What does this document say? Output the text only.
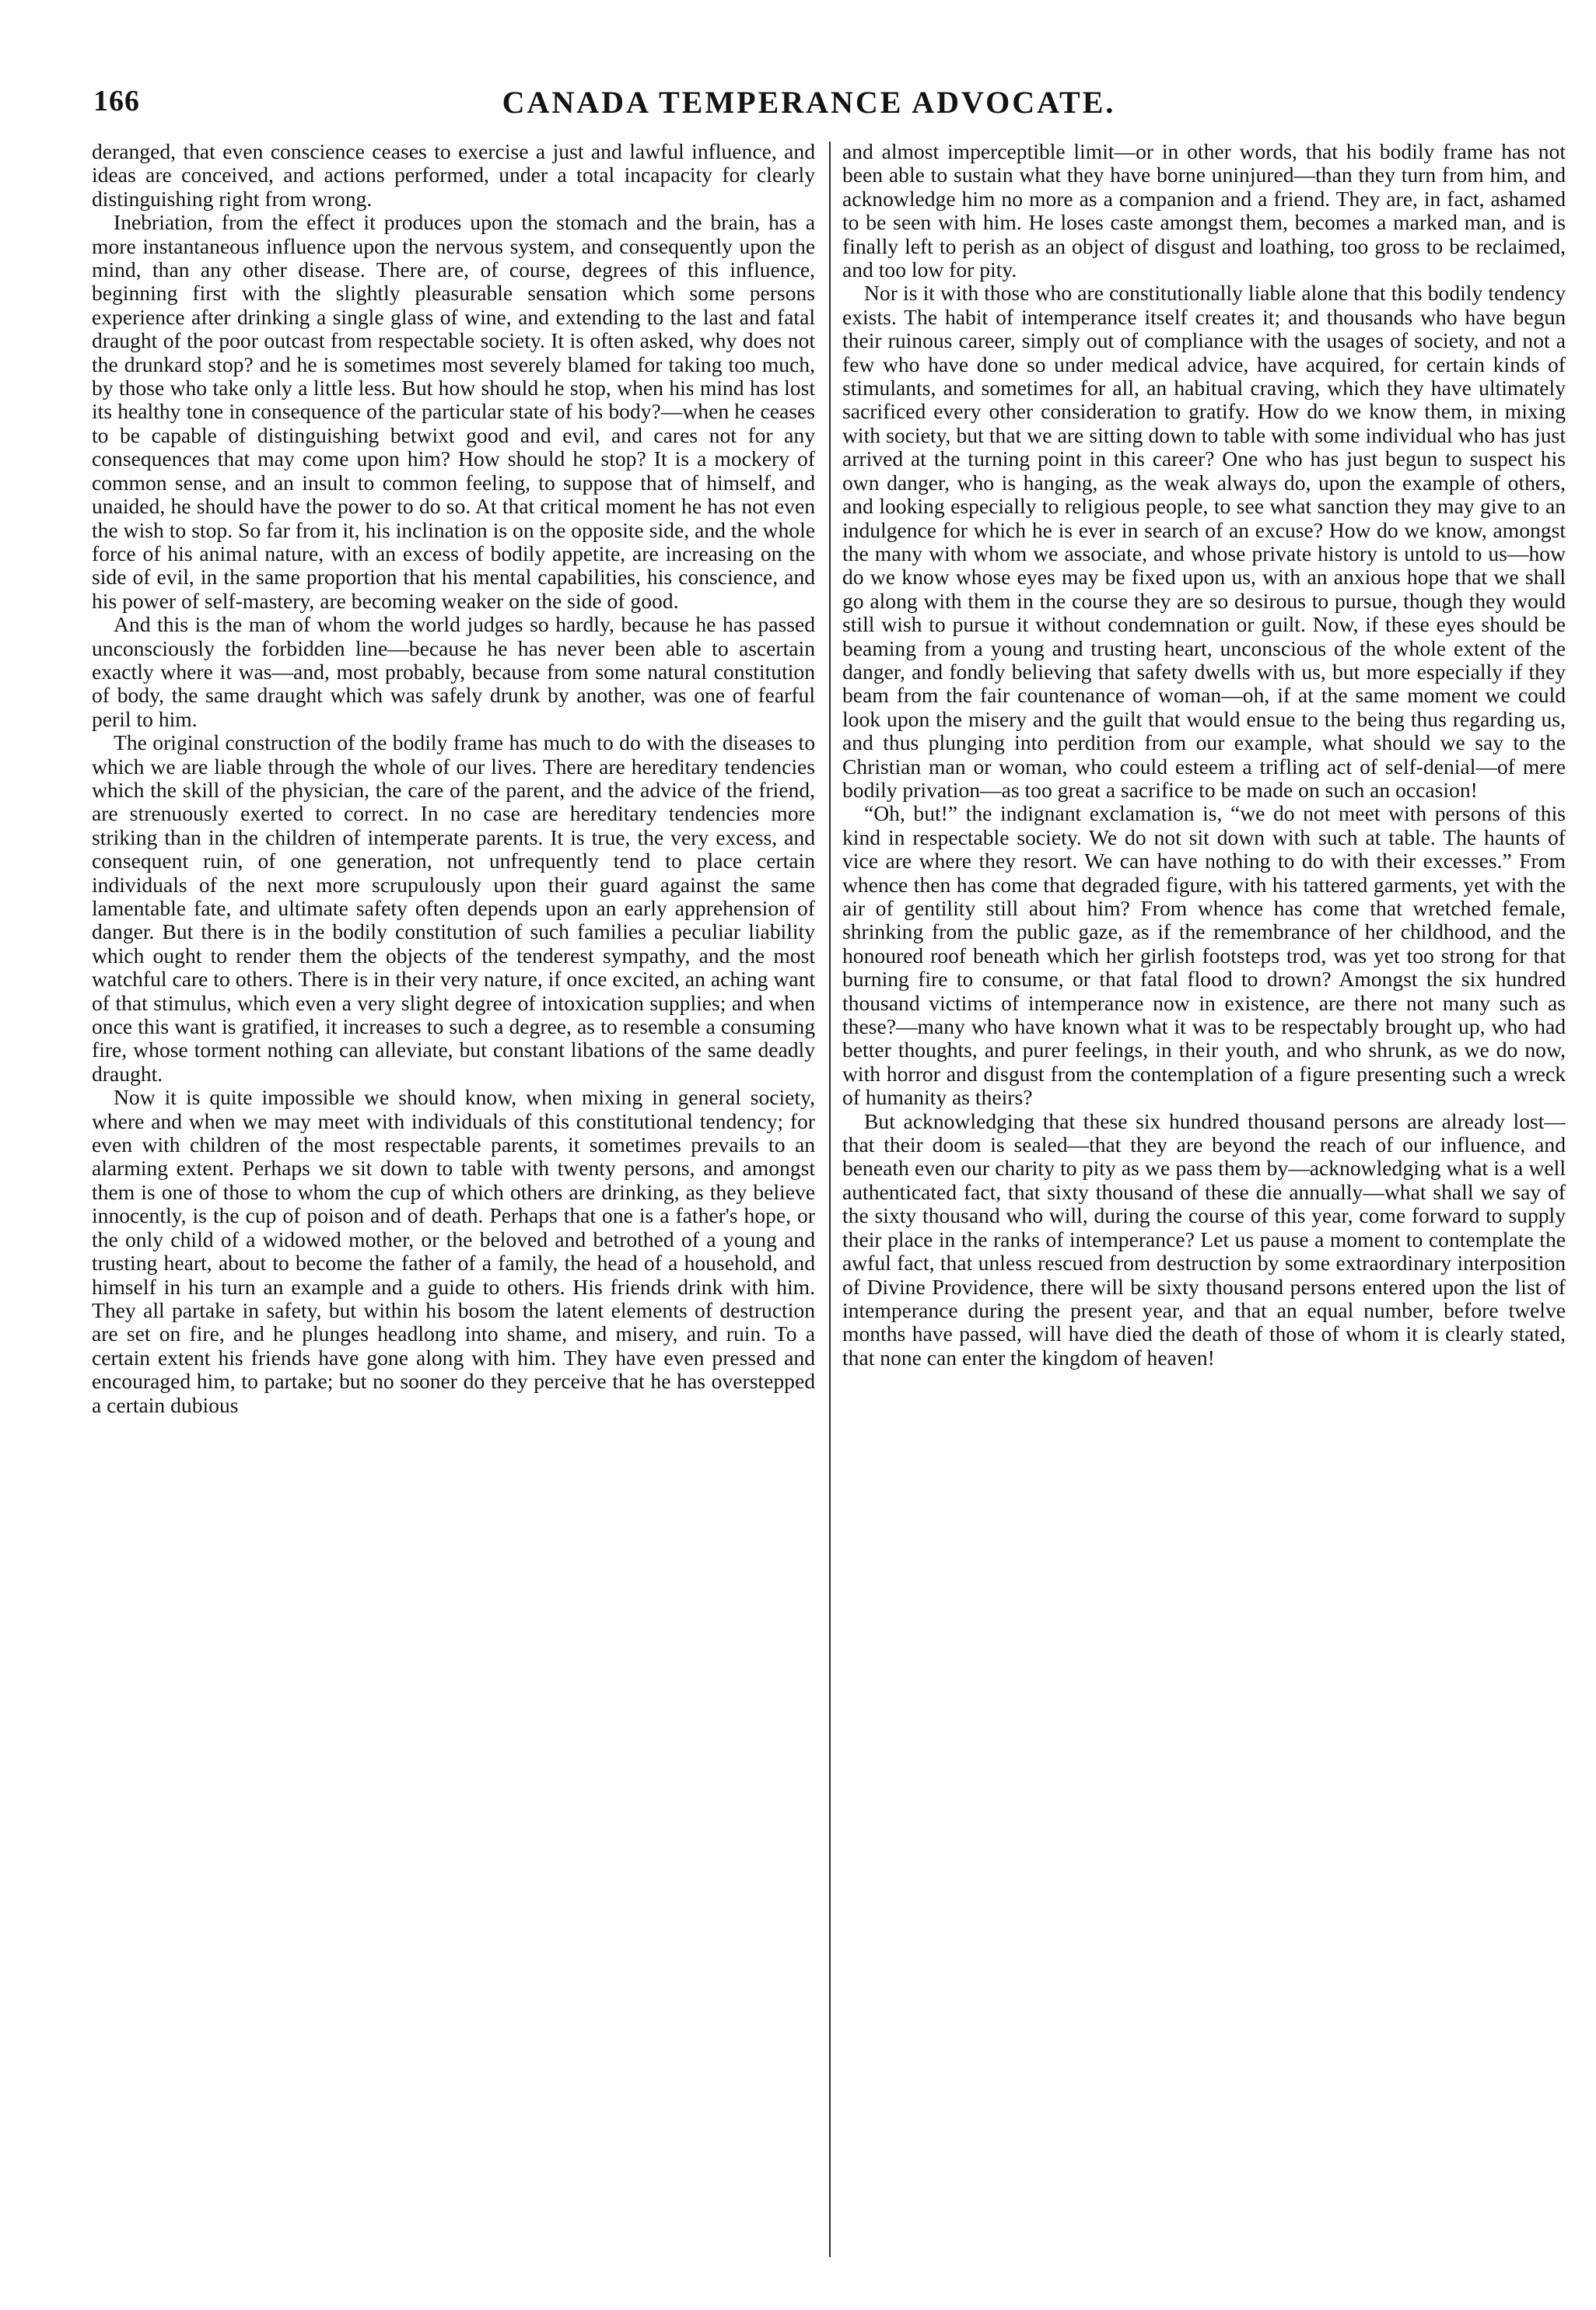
166	CANADA TEMPERANCE ADVOCATE.

deranged, that even conscience ceases to exercise a just and lawful influence, and ideas are conceived, and actions performed, under a total incapacity for clearly distinguishing right from wrong.

Inebriation, from the effect it produces upon the stomach and the brain, has a more instantaneous influence upon the nervous system, and consequently upon the mind, than any other disease. There are, of course, degrees of this influence, beginning first with the slightly pleasurable sensation which some persons experience after drinking a single glass of wine, and extending to the last and fatal draught of the poor outcast from respectable society. It is often asked, why does not the drunkard stop? and he is sometimes most severely blamed for taking too much, by those who take only a little less. But how should he stop, when his mind has lost its healthy tone in consequence of the particular state of his body?—when he ceases to be capable of distinguishing betwixt good and evil, and cares not for any consequences that may come upon him? How should he stop? It is a mockery of common sense, and an insult to common feeling, to suppose that of himself, and unaided, he should have the power to do so. At that critical moment he has not even the wish to stop. So far from it, his inclination is on the opposite side, and the whole force of his animal nature, with an excess of bodily appetite, are increasing on the side of evil, in the same proportion that his mental capabilities, his conscience, and his power of self-mastery, are becoming weaker on the side of good.

And this is the man of whom the world judges so hardly, because he has passed unconsciously the forbidden line—because he has never been able to ascertain exactly where it was—and, most probably, because from some natural constitution of body, the same draught which was safely drunk by another, was one of fearful peril to him.

The original construction of the bodily frame has much to do with the diseases to which we are liable through the whole of our lives. There are hereditary tendencies which the skill of the physician, the care of the parent, and the advice of the friend, are strenuously exerted to correct. In no case are hereditary tendencies more striking than in the children of intemperate parents. It is true, the very excess, and consequent ruin, of one generation, not unfrequently tend to place certain individuals of the next more scrupulously upon their guard against the same lamentable fate, and ultimate safety often depends upon an early apprehension of danger. But there is in the bodily constitution of such families a peculiar liability which ought to render them the objects of the tenderest sympathy, and the most watchful care to others. There is in their very nature, if once excited, an aching want of that stimulus, which even a very slight degree of intoxication supplies; and when once this want is gratified, it increases to such a degree, as to resemble a consuming fire, whose torment nothing can alleviate, but constant libations of the same deadly draught.

Now it is quite impossible we should know, when mixing in general society, where and when we may meet with individuals of this constitutional tendency; for even with children of the most respectable parents, it sometimes prevails to an alarming extent. Perhaps we sit down to table with twenty persons, and amongst them is one of those to whom the cup of which others are drinking, as they believe innocently, is the cup of poison and of death. Perhaps that one is a father's hope, or the only child of a widowed mother, or the beloved and betrothed of a young and trusting heart, about to become the father of a family, the head of a household, and himself in his turn an example and a guide to others. His friends drink with him. They all partake in safety, but within his bosom the latent elements of destruction are set on fire, and he plunges headlong into shame, and misery, and ruin. To a certain extent his friends have gone along with him. They have even pressed and encouraged him, to partake; but no sooner do they perceive that he has overstepped a certain dubious

and almost imperceptible limit—or in other words, that his bodily frame has not been able to sustain what they have borne uninjured—than they turn from him, and acknowledge him no more as a companion and a friend. They are, in fact, ashamed to be seen with him. He loses caste amongst them, becomes a marked man, and is finally left to perish as an object of disgust and loathing, too gross to be reclaimed, and too low for pity.

Nor is it with those who are constitutionally liable alone that this bodily tendency exists. The habit of intemperance itself creates it; and thousands who have begun their ruinous career, simply out of compliance with the usages of society, and not a few who have done so under medical advice, have acquired, for certain kinds of stimulants, and sometimes for all, an habitual craving, which they have ultimately sacrificed every other consideration to gratify. How do we know them, in mixing with society, but that we are sitting down to table with some individual who has just arrived at the turning point in this career? One who has just begun to suspect his own danger, who is hanging, as the weak always do, upon the example of others, and looking especially to religious people, to see what sanction they may give to an indulgence for which he is ever in search of an excuse? How do we know, amongst the many with whom we associate, and whose private history is untold to us—how do we know whose eyes may be fixed upon us, with an anxious hope that we shall go along with them in the course they are so desirous to pursue, though they would still wish to pursue it without condemnation or guilt. Now, if these eyes should be beaming from a young and trusting heart, unconscious of the whole extent of the danger, and fondly believing that safety dwells with us, but more especially if they beam from the fair countenance of woman—oh, if at the same moment we could look upon the misery and the guilt that would ensue to the being thus regarding us, and thus plunging into perdition from our example, what should we say to the Christian man or woman, who could esteem a trifling act of self-denial—of mere bodily privation—as too great a sacrifice to be made on such an occasion!

“Oh, but!” the indignant exclamation is, “we do not meet with persons of this kind in respectable society. We do not sit down with such at table. The haunts of vice are where they resort. We can have nothing to do with their excesses.” From whence then has come that degraded figure, with his tattered garments, yet with the air of gentility still about him? From whence has come that wretched female, shrinking from the public gaze, as if the remembrance of her childhood, and the honoured roof beneath which her girlish footsteps trod, was yet too strong for that burning fire to consume, or that fatal flood to drown? Amongst the six hundred thousand victims of intemperance now in existence, are there not many such as these?—many who have known what it was to be respectably brought up, who had better thoughts, and purer feelings, in their youth, and who shrunk, as we do now, with horror and disgust from the contemplation of a figure presenting such a wreck of humanity as theirs?

But acknowledging that these six hundred thousand persons are already lost—that their doom is sealed—that they are beyond the reach of our influence, and beneath even our charity to pity as we pass them by—acknowledging what is a well authenticated fact, that sixty thousand of these die annually—what shall we say of the sixty thousand who will, during the course of this year, come forward to supply their place in the ranks of intemperance? Let us pause a moment to contemplate the awful fact, that unless rescued from destruction by some extraordinary interposition of Divine Providence, there will be sixty thousand persons entered upon the list of intemperance during the present year, and that an equal number, before twelve months have passed, will have died the death of those of whom it is clearly stated, that none can enter the kingdom of heaven!
